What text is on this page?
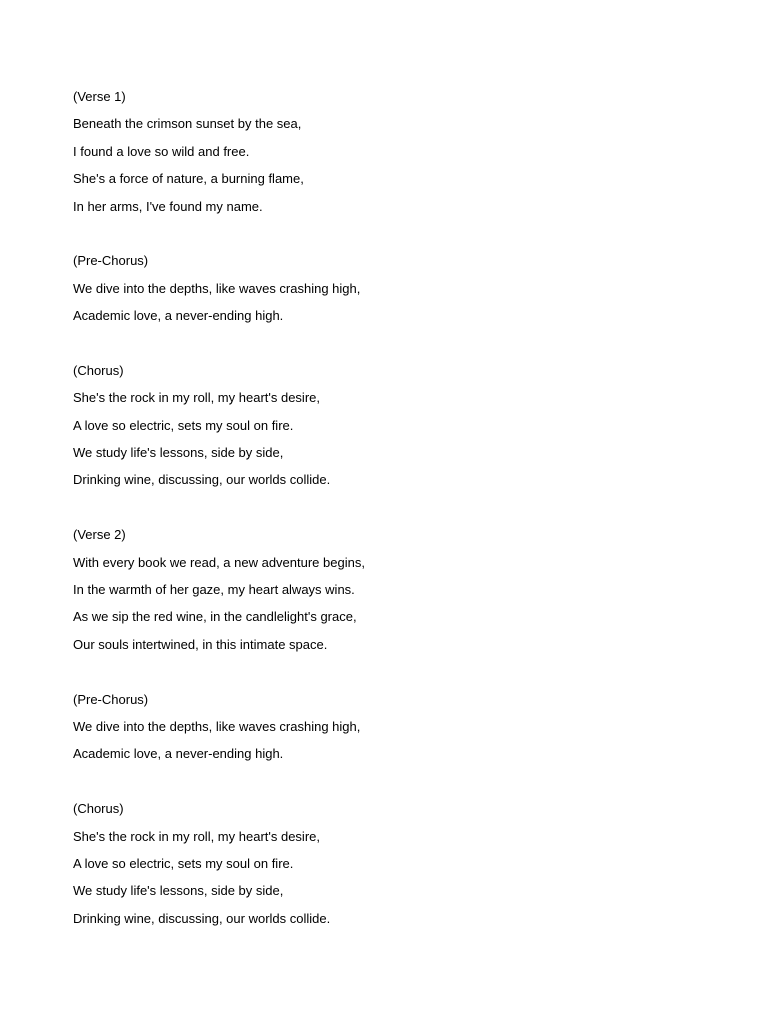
(Verse 1)
Beneath the crimson sunset by the sea,
I found a love so wild and free.
She's a force of nature, a burning flame,
In her arms, I've found my name.
(Pre-Chorus)
We dive into the depths, like waves crashing high,
Academic love, a never-ending high.
(Chorus)
She's the rock in my roll, my heart's desire,
A love so electric, sets my soul on fire.
We study life's lessons, side by side,
Drinking wine, discussing, our worlds collide.
(Verse 2)
With every book we read, a new adventure begins,
In the warmth of her gaze, my heart always wins.
As we sip the red wine, in the candlelight's grace,
Our souls intertwined, in this intimate space.
(Pre-Chorus)
We dive into the depths, like waves crashing high,
Academic love, a never-ending high.
(Chorus)
She's the rock in my roll, my heart's desire,
A love so electric, sets my soul on fire.
We study life's lessons, side by side,
Drinking wine, discussing, our worlds collide.
